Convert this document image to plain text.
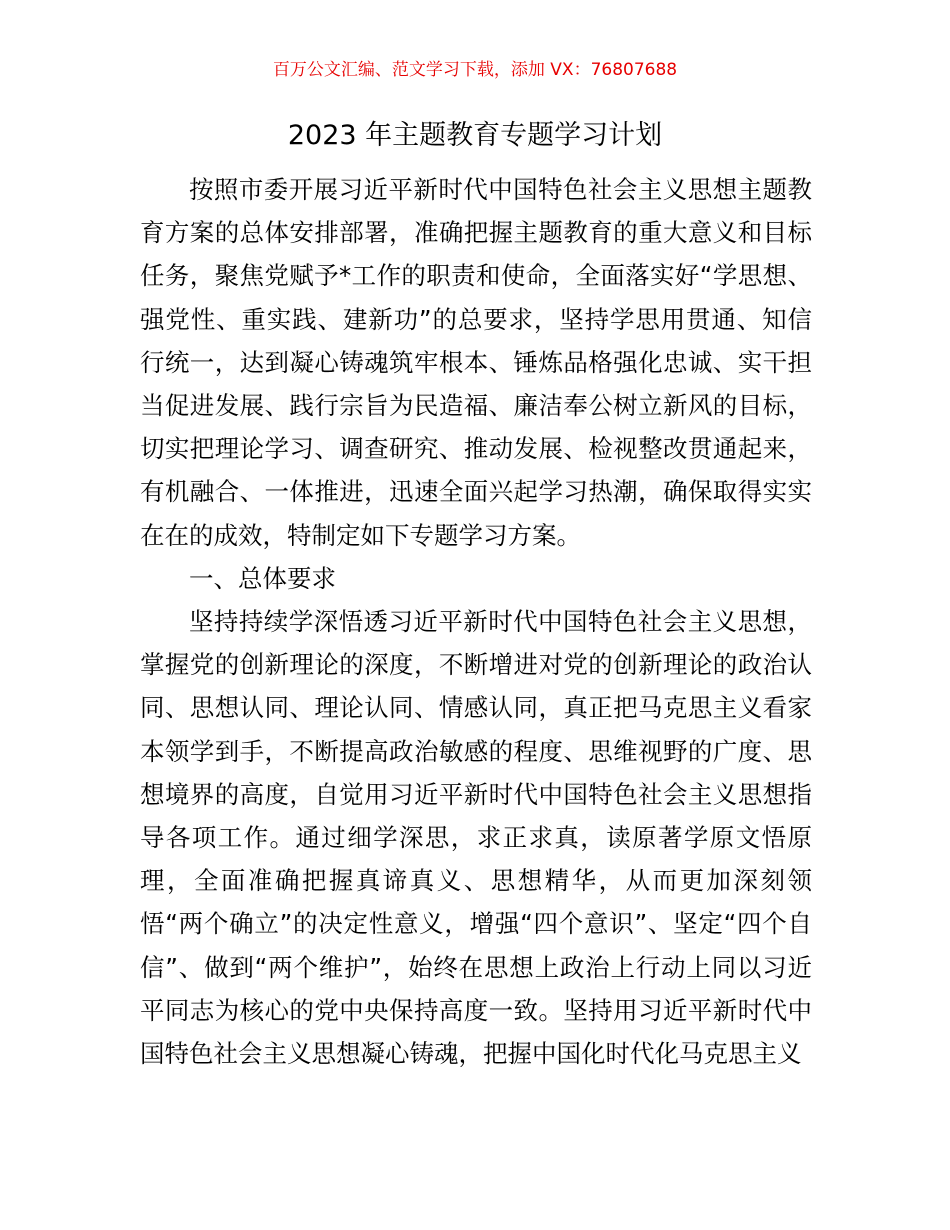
百万公文汇编、范文学习下载，添加 VX：76807688
2023 年主题教育专题学习计划

按照市委开展习近平新时代中国特色社会主义思想主题教育方案的总体安排部署，准确把握主题教育的重大意义和目标任务，聚焦党赋予*工作的职责和使命，全面落实好“学思想、强党性、重实践、建新功”的总要求，坚持学思用贯通、知信行统一，达到凝心铸魂筑牢根本、锤炼品格强化忠诚、实干担当促进发展、践行宗旨为民造福、廉洁奉公树立新风的目标，切实把理论学习、调查研究、推动发展、检视整改贯通起来，有机融合、一体推进，迅速全面兴起学习热潮，确保取得实实在在的成效，特制定如下专题学习方案。

一、总体要求

坚持持续学深悟透习近平新时代中国特色社会主义思想，掌握党的创新理论的深度，不断增进对党的创新理论的政治认同、思想认同、理论认同、情感认同，真正把马克思主义看家本领学到手，不断提高政治敏感的程度、思维视野的广度、思想境界的高度，自觉用习近平新时代中国特色社会主义思想指导各项工作。通过细学深思，求正求真，读原著学原文悟原理，全面准确把握真谛真义、思想精华，从而更加深刻领悟“两个确立”的决定性意义，增强“四个意识”、坚定“四个自信”、做到“两个维护”，始终在思想上政治上行动上同以习近平同志为核心的党中央保持高度一致。坚持用习近平新时代中国特色社会主义思想凝心铸魂，把握中国化时代化马克思主义
